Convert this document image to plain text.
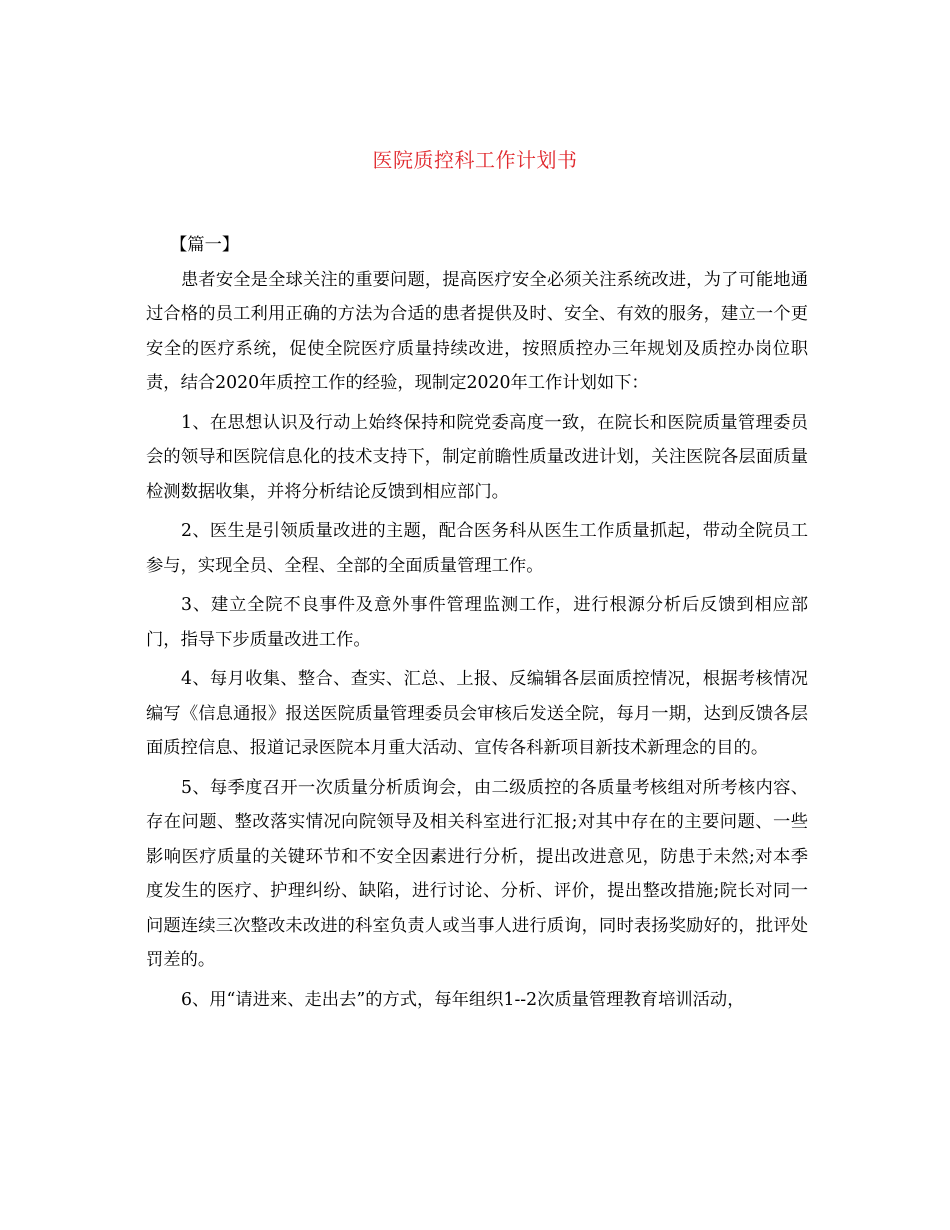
医院质控科工作计划书

【篇一】

患者安全是全球关注的重要问题，提高医疗安全必须关注系统改进，为了可能地通过合格的员工利用正确的方法为合适的患者提供及时、安全、有效的服务，建立一个更安全的医疗系统，促使全院医疗质量持续改进，按照质控办三年规划及质控办岗位职责，结合2020年质控工作的经验，现制定2020年工作计划如下：

1、在思想认识及行动上始终保持和院党委高度一致，在院长和医院质量管理委员会的领导和医院信息化的技术支持下，制定前瞻性质量改进计划，关注医院各层面质量检测数据收集，并将分析结论反馈到相应部门。

2、医生是引领质量改进的主题，配合医务科从医生工作质量抓起，带动全院员工参与，实现全员、全程、全部的全面质量管理工作。

3、建立全院不良事件及意外事件管理监测工作，进行根源分析后反馈到相应部门，指导下步质量改进工作。

4、每月收集、整合、查实、汇总、上报、反编辑各层面质控情况，根据考核情况编写《信息通报》报送医院质量管理委员会审核后发送全院，每月一期，达到反馈各层面质控信息、报道记录医院本月重大活动、宣传各科新项目新技术新理念的目的。

5、每季度召开一次质量分析质询会，由二级质控的各质量考核组对所考核内容、存在问题、整改落实情况向院领导及相关科室进行汇报;对其中存在的主要问题、一些影响医疗质量的关键环节和不安全因素进行分析，提出改进意见，防患于未然;对本季度发生的医疗、护理纠纷、缺陷，进行讨论、分析、评价，提出整改措施;院长对同一问题连续三次整改未改进的科室负责人或当事人进行质询，同时表扬奖励好的，批评处罚差的。

6、用“请进来、走出去”的方式，每年组织1--2次质量管理教育培训活动，
